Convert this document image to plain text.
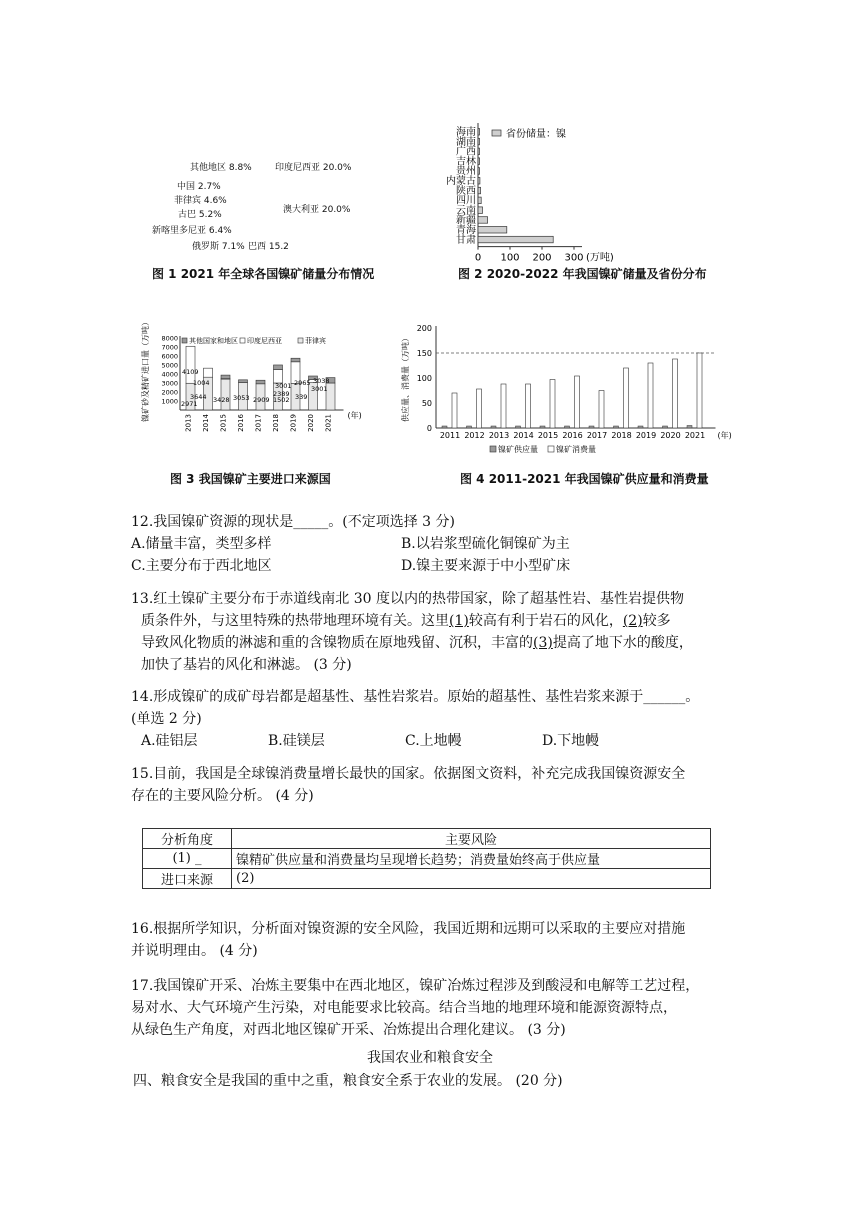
其他地区 8.8%	印度尼西亚 20.0%
中国 2.7%
菲律宾 4.6%
古巴 5.2%	澳大利亚 20.0%
新喀里多尼亚 6.4%
俄罗斯 7.1% 巴西 15.2
图 1 2021 年全球各国镍矿储量分布情况
海南
湖南
广西
吉林
贵州
内蒙古
陕西
四川
云南
新疆
青海
甘肃
0 100 200 300 (万吨)
省份储量：镍
图 2 2020-2022 年我国镍矿储量及省份分布
镍矿砂及精矿进口量（万吨） 1000
2000
3000
4000
5000
6000
7000
8000
2013 2014 2015 2016 2017 2018 2019 2020 2021
4109
1004
3644 3428 3053 2909 1502
3001
2389
2965
339
3038
3001
2971
(年)
其他国家和地区 印度尼西亚	菲律宾
图 3 我国镍矿主要进口来源国
供应量、消费量（万吨）
0
50
100
150
200
2011 2012 2013 2014 2015 2016 2017 2018 2019 2020 2021 (年)
镍矿供应量 镍矿消费量
图 4 2011-2021 年我国镍矿供应量和消费量

12.我国镍矿资源的现状是_____。(不定项选择 3 分)

A.储量丰富，类型多样	B.以岩浆型硫化铜镍矿为主
C.主要分布于西北地区	D.镍主要来源于中小型矿床

13.红土镍矿主要分布于赤道线南北 30 度以内的热带国家，除了超基性岩、基性岩提供物

质条件外，与这里特殊的热带地理环境有关。这里(1)较高有利于岩石的风化，(2)较多

导致风化物质的淋滤和重的含镍物质在原地残留、沉积，丰富的(3)提高了地下水的酸度，

加快了基岩的风化和淋滤。 (3 分)

14.形成镍矿的成矿母岩都是超基性、基性岩浆岩。原始的超基性、基性岩浆来源于______。

(单选 2 分)

A.硅铝层	B.硅镁层	C.上地幔	D.下地幔

15.目前，我国是全球镍消费量增长最快的国家。依据图文资料，补充完成我国镍资源安全

存在的主要风险分析。 (4 分)

分析角度	主要风险
(1) _	镍精矿供应量和消费量均呈现增长趋势；消费量始终高于供应量
进口来源	(2)

16.根据所学知识，分析面对镍资源的安全风险，我国近期和远期可以采取的主要应对措施

并说明理由。 (4 分)

17.我国镍矿开采、冶炼主要集中在西北地区，镍矿冶炼过程涉及到酸浸和电解等工艺过程，

易对水、大气环境产生污染，对电能要求比较高。结合当地的地理环境和能源资源特点，

从绿色生产角度，对西北地区镍矿开采、冶炼提出合理化建议。 (3 分)

我国农业和粮食安全
四、粮食安全是我国的重中之重，粮食安全系于农业的发展。 (20 分)
